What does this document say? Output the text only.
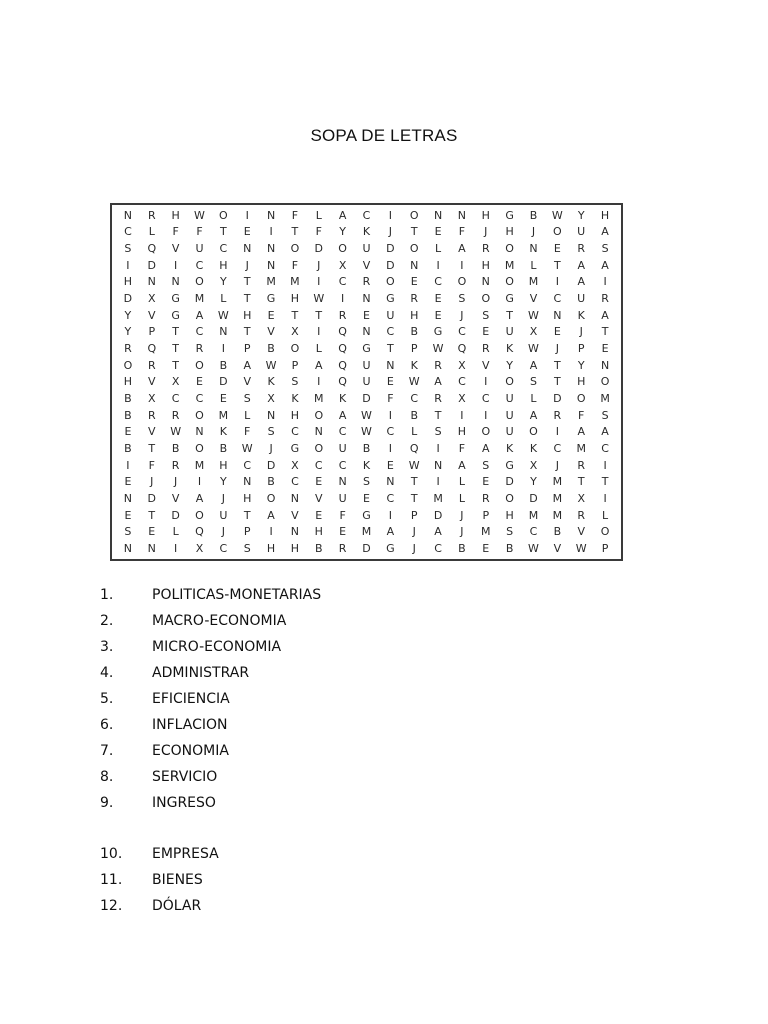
SOPA DE LETRAS
N	R	H	W	O	I	N	F	L	A	C	I	O	N	N	H	G	B	W	Y	H
C	L	F	F	T	E	I	T	F	Y	K	J	T	E	F	J	H	J	O	U	A
S	Q	V	U	C	N	N	O	D	O	U	D	O	L	A	R	O	N	E	R	S
I	D	I	C	H	J	N	F	J	X	V	D	N	I	I	H	M	L	T	A	A
H	N	N	O	Y	T	M	M	I	C	R	O	E	C	O	N	O	M	I	A	I
D	X	G	M	L	T	G	H	W	I	N	G	R	E	S	O	G	V	C	U	R
Y	V	G	A	W	H	E	T	T	R	E	U	H	E	J	S	T	W	N	K	A
Y	P	T	C	N	T	V	X	I	Q	N	C	B	G	C	E	U	X	E	J	T
R	Q	T	R	I	P	B	O	L	Q	G	T	P	W	Q	R	K	W	J	P	E
O	R	T	O	B	A	W	P	A	Q	U	N	K	R	X	V	Y	A	T	Y	N
H	V	X	E	D	V	K	S	I	Q	U	E	W	A	C	I	O	S	T	H	O
B	X	C	C	E	S	X	K	M	K	D	F	C	R	X	C	U	L	D	O	M
B	R	R	O	M	L	N	H	O	A	W	I	B	T	I	I	U	A	R	F	S
E	V	W	N	K	F	S	C	N	C	W	C	L	S	H	O	U	O	I	A	A
B	T	B	O	B	W	J	G	O	U	B	I	Q	I	F	A	K	K	C	M	C
I	F	R	M	H	C	D	X	C	C	K	E	W	N	A	S	G	X	J	R	I
E	J	J	I	Y	N	B	C	E	N	S	N	T	I	L	E	D	Y	M	T	T
N	D	V	A	J	H	O	N	V	U	E	C	T	M	L	R	O	D	M	X	I
E	T	D	O	U	T	A	V	E	F	G	I	P	D	J	P	H	M	M	R	L
S	E	L	Q	J	P	I	N	H	E	M	A	J	A	J	M	S	C	B	V	O
N	N	I	X	C	S	H	H	B	R	D	G	J	C	B	E	B	W	V	W	P
1.	POLITICAS-MONETARIAS
2.	MACRO-ECONOMIA
3.	MICRO-ECONOMIA
4.	ADMINISTRAR
5.	EFICIENCIA
6.	INFLACION
7.	ECONOMIA
8.	SERVICIO
9.	INGRESO
10.	EMPRESA
11.	BIENES
12.	DÓLAR
